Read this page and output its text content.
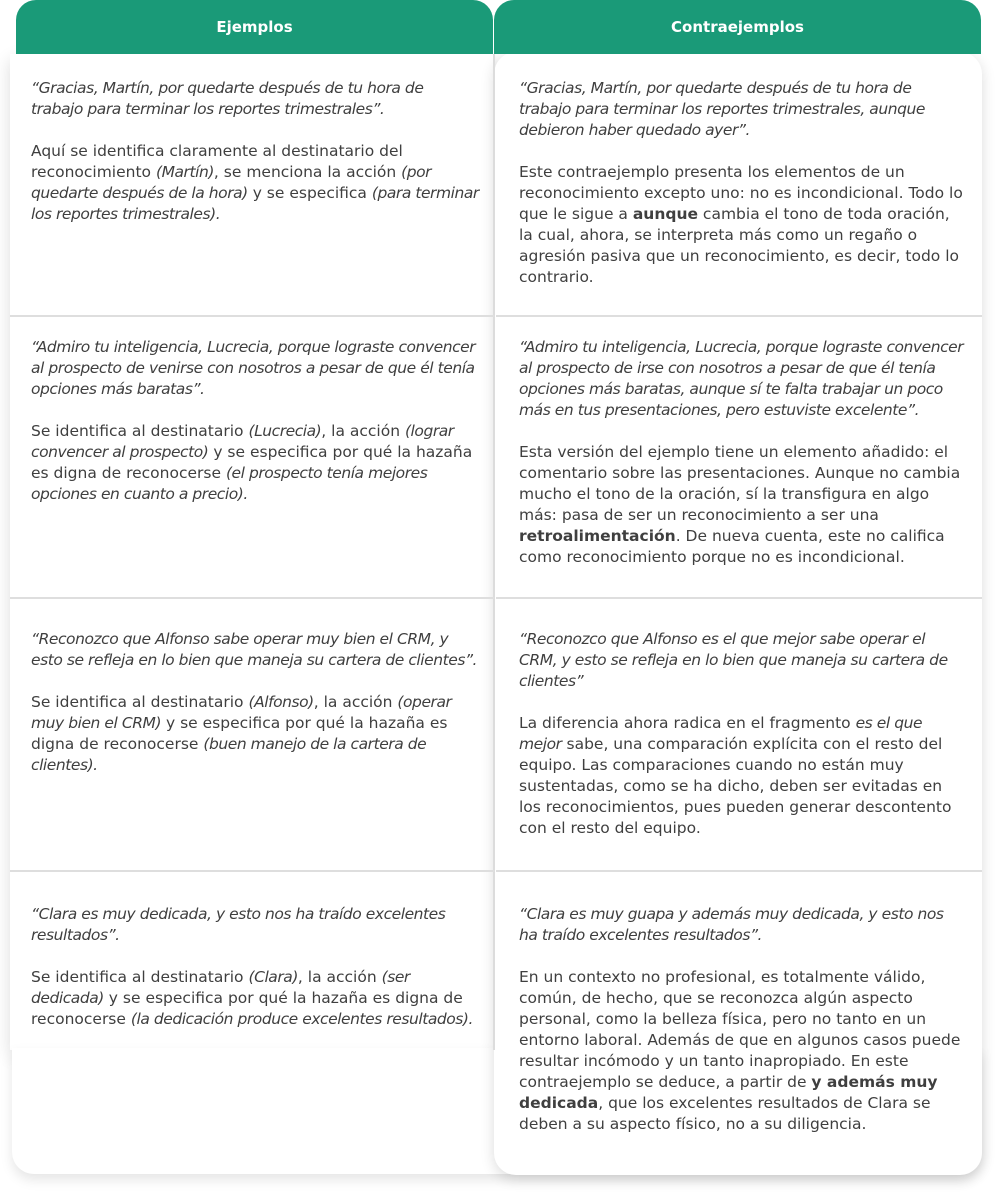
Ejemplos	Contraejemplos

“Gracias, Martín, por quedarte después de tu hora de trabajo para terminar los reportes trimestrales”.

Aquí se identifica claramente al destinatario del reconocimiento (Martín), se menciona la acción (por quedarte después de la hora) y se especifica (para terminar los reportes trimestrales).

“Gracias, Martín, por quedarte después de tu hora de trabajo para terminar los reportes trimestrales, aunque debieron haber quedado ayer”.

Este contraejemplo presenta los elementos de un reconocimiento excepto uno: no es incondicional. Todo lo que le sigue a aunque cambia el tono de toda oración, la cual, ahora, se interpreta más como un regaño o agresión pasiva que un reconocimiento, es decir, todo lo contrario.

“Admiro tu inteligencia, Lucrecia, porque lograste convencer al prospecto de venirse con nosotros a pesar de que él tenía opciones más baratas”.

Se identifica al destinatario (Lucrecia), la acción (lograr convencer al prospecto) y se especifica por qué la hazaña es digna de reconocerse (el prospecto tenía mejores opciones en cuanto a precio).

“Admiro tu inteligencia, Lucrecia, porque lograste convencer al prospecto de irse con nosotros a pesar de que él tenía opciones más baratas, aunque sí te falta trabajar un poco más en tus presentaciones, pero estuviste excelente”.

Esta versión del ejemplo tiene un elemento añadido: el comentario sobre las presentaciones. Aunque no cambia mucho el tono de la oración, sí la transfigura en algo más: pasa de ser un reconocimiento a ser una retroalimentación. De nueva cuenta, este no califica como reconocimiento porque no es incondicional.

“Reconozco que Alfonso sabe operar muy bien el CRM, y esto se refleja en lo bien que maneja su cartera de clientes”.

Se identifica al destinatario (Alfonso), la acción (operar muy bien el CRM) y se especifica por qué la hazaña es digna de reconocerse (buen manejo de la cartera de clientes).

“Reconozco que Alfonso es el que mejor sabe operar el CRM, y esto se refleja en lo bien que maneja su cartera de clientes”

La diferencia ahora radica en el fragmento es el que mejor sabe, una comparación explícita con el resto del equipo. Las comparaciones cuando no están muy sustentadas, como se ha dicho, deben ser evitadas en los reconocimientos, pues pueden generar descontento con el resto del equipo.

“Clara es muy dedicada, y esto nos ha traído excelentes resultados”.

Se identifica al destinatario (Clara), la acción (ser dedicada) y se especifica por qué la hazaña es digna de reconocerse (la dedicación produce excelentes resultados).

“Clara es muy guapa y además muy dedicada, y esto nos ha traído excelentes resultados”.

En un contexto no profesional, es totalmente válido, común, de hecho, que se reconozca algún aspecto personal, como la belleza física, pero no tanto en un entorno laboral. Además de que en algunos casos puede resultar incómodo y un tanto inapropiado. En este contraejemplo se deduce, a partir de y además muy dedicada, que los excelentes resultados de Clara se deben a su aspecto físico, no a su diligencia.
